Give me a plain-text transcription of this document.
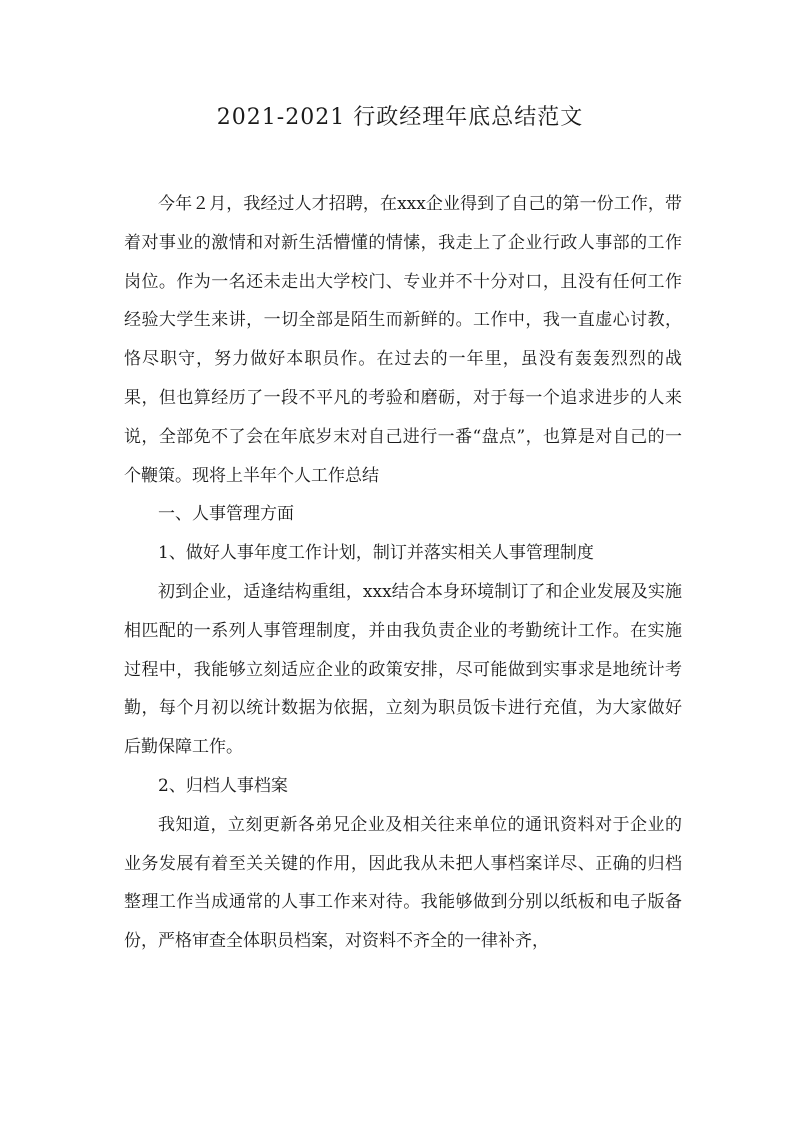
2021-2021 行政经理年底总结范文

今年２月，我经过人才招聘，在xxx企业得到了自己的第一份工作，带着对事业的激情和对新生活懵懂的情愫，我走上了企业行政人事部的工作岗位。作为一名还未走出大学校门、专业并不十分对口，且没有任何工作经验大学生来讲，一切全部是陌生而新鲜的。工作中，我一直虚心讨教，恪尽职守，努力做好本职员作。在过去的一年里，虽没有轰轰烈烈的战果，但也算经历了一段不平凡的考验和磨砺，对于每一个追求进步的人来说，全部免不了会在年底岁末对自己进行一番“盘点”，也算是对自己的一个鞭策。现将上半年个人工作总结

一、人事管理方面

1、做好人事年度工作计划，制订并落实相关人事管理制度

初到企业，适逢结构重组，xxx结合本身环境制订了和企业发展及实施相匹配的一系列人事管理制度，并由我负责企业的考勤统计工作。在实施过程中，我能够立刻适应企业的政策安排，尽可能做到实事求是地统计考勤，每个月初以统计数据为依据，立刻为职员饭卡进行充值，为大家做好后勤保障工作。

2、归档人事档案

我知道，立刻更新各弟兄企业及相关往来单位的通讯资料对于企业的业务发展有着至关关键的作用，因此我从未把人事档案详尽、正确的归档整理工作当成通常的人事工作来对待。我能够做到分别以纸板和电子版备份，严格审查全体职员档案，对资料不齐全的一律补齐，
